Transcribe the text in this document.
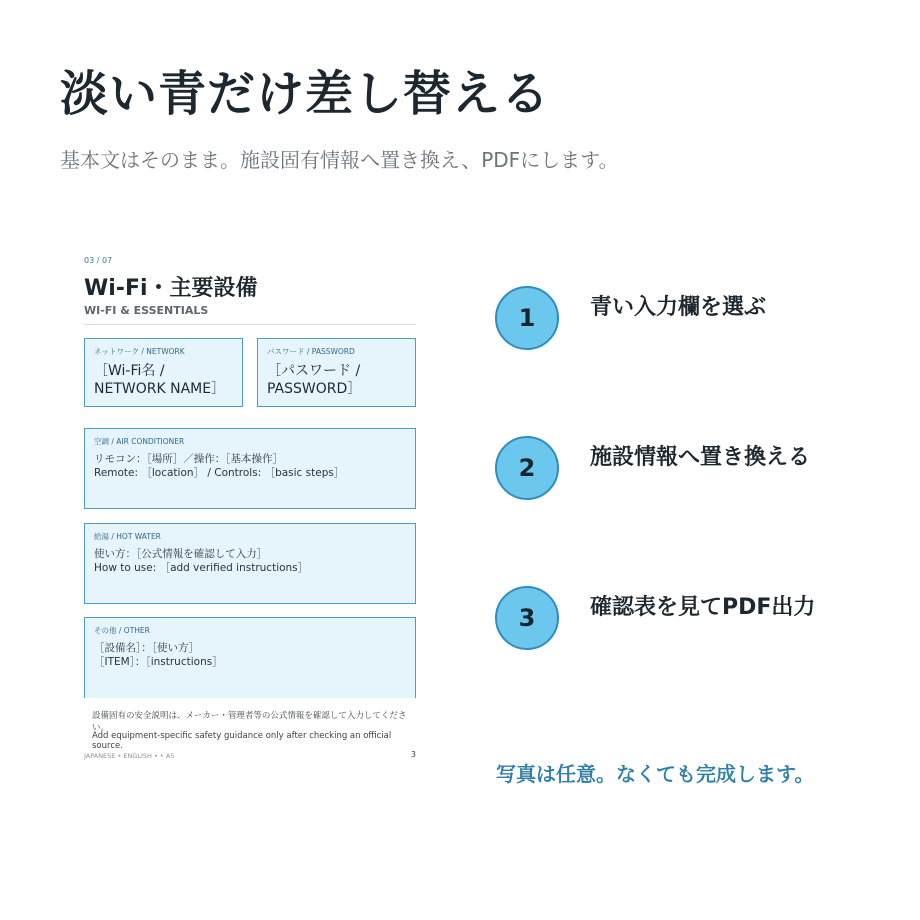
淡い青だけ差し替える

基本文はそのまま。施設固有情報へ置き換え、PDFにします。

03 / 07
Wi-Fi・主要設備
WI-FI & ESSENTIALS
ネットワーク / NETWORK
［Wi-Fi名 /
NETWORK NAME］
パスワード / PASSWORD
［パスワード /
PASSWORD］
空調 / AIR CONDITIONER
リモコン：［場所］／操作：［基本操作］
Remote: ［location］ / Controls: ［basic steps］
給湯 / HOT WATER
使い方：［公式情報を確認して入力］
How to use: ［add verified instructions］
その他 / OTHER
［設備名］：［使い方］
［ITEM］：［instructions］
設備固有の安全説明は、メーカー・管理者等の公式情報を確認して入力してください。
Add equipment-specific safety guidance only after checking an official source.
JAPANESE • ENGLISH • • A5	3
1	青い入力欄を選ぶ
2	施設情報へ置き換える
3	確認表を見てPDF出力
写真は任意。なくても完成します。
